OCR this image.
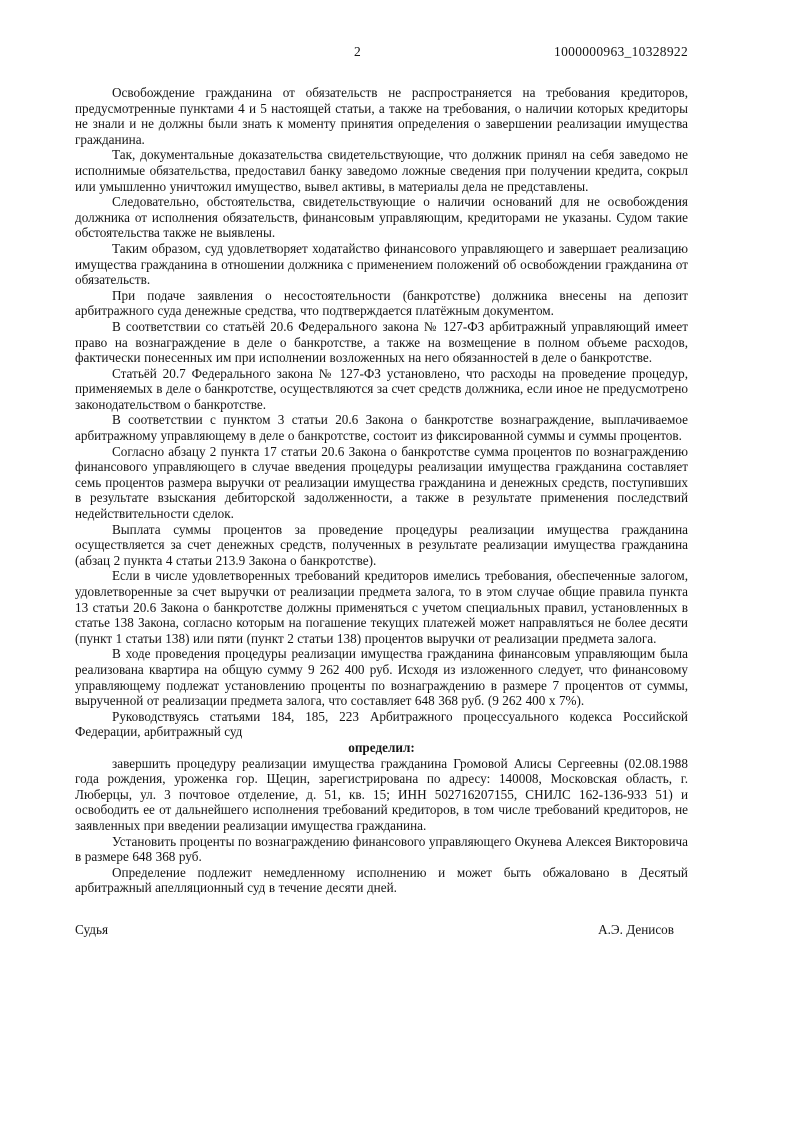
2	1000000963_10328922

Освобождение гражданина от обязательств не распространяется на требования кредиторов, предусмотренные пунктами 4 и 5 настоящей статьи, а также на требования, о наличии которых кредиторы не знали и не должны были знать к моменту принятия определения о завершении реализации имущества гражданина.

Так, документальные доказательства свидетельствующие, что должник принял на себя заведомо не исполнимые обязательства, предоставил банку заведомо ложные сведения при получении кредита, сокрыл или умышленно уничтожил имущество, вывел активы, в материалы дела не представлены.

Следовательно, обстоятельства, свидетельствующие о наличии оснований для не освобождения должника от исполнения обязательств, финансовым управляющим, кредиторами не указаны. Судом такие обстоятельства также не выявлены.

Таким образом, суд удовлетворяет ходатайство финансового управляющего и завершает реализацию имущества гражданина в отношении должника с применением положений об освобождении гражданина от обязательств.

При подаче заявления о несостоятельности (банкротстве) должника внесены на депозит арбитражного суда денежные средства, что подтверждается платёжным документом.

В соответствии со статьёй 20.6 Федерального закона № 127-ФЗ арбитражный управляющий имеет право на вознаграждение в деле о банкротстве, а также на возмещение в полном объеме расходов, фактически понесенных им при исполнении возложенных на него обязанностей в деле о банкротстве.

Статьёй 20.7 Федерального закона № 127-ФЗ установлено, что расходы на проведение процедур, применяемых в деле о банкротстве, осуществляются за счет средств должника, если иное не предусмотрено законодательством о банкротстве.

В соответствии с пунктом 3 статьи 20.6 Закона о банкротстве вознаграждение, выплачиваемое арбитражному управляющему в деле о банкротстве, состоит из фиксированной суммы и суммы процентов.

Согласно абзацу 2 пункта 17 статьи 20.6 Закона о банкротстве сумма процентов по вознаграждению финансового управляющего в случае введения процедуры реализации имущества гражданина составляет семь процентов размера выручки от реализации имущества гражданина и денежных средств, поступивших в результате взыскания дебиторской задолженности, а также в результате применения последствий недействительности сделок.

Выплата суммы процентов за проведение процедуры реализации имущества гражданина осуществляется за счет денежных средств, полученных в результате реализации имущества гражданина (абзац 2 пункта 4 статьи 213.9 Закона о банкротстве).

Если в числе удовлетворенных требований кредиторов имелись требования, обеспеченные залогом, удовлетворенные за счет выручки от реализации предмета залога, то в этом случае общие правила пункта 13 статьи 20.6 Закона о банкротстве должны применяться с учетом специальных правил, установленных в статье 138 Закона, согласно которым на погашение текущих платежей может направляться не более десяти (пункт 1 статьи 138) или пяти (пункт 2 статьи 138) процентов выручки от реализации предмета залога.

В ходе проведения процедуры реализации имущества гражданина финансовым управляющим была реализована квартира на общую сумму 9 262 400 руб. Исходя из изложенного следует, что финансовому управляющему подлежат установлению проценты по вознаграждению в размере 7 процентов от суммы, вырученной от реализации предмета залога, что составляет 648 368 руб. (9 262 400 х 7%).

Руководствуясь статьями 184, 185, 223 Арбитражного процессуального кодекса Российской Федерации, арбитражный суд

определил:

завершить процедуру реализации имущества гражданина Громовой Алисы Сергеевны (02.08.1988 года рождения, уроженка гор. Щецин, зарегистрирована по адресу: 140008, Московская область, г. Люберцы, ул. 3 почтовое отделение, д. 51, кв. 15; ИНН 502716207155, СНИЛС 162-136-933 51) и освободить ее от дальнейшего исполнения требований кредиторов, в том числе требований кредиторов, не заявленных при введении реализации имущества гражданина.

Установить проценты по вознаграждению финансового управляющего Окунева Алексея Викторовича в размере 648 368 руб.

Определение подлежит немедленному исполнению и может быть обжаловано в Десятый арбитражный апелляционный суд в течение десяти дней.

Судья	А.Э. Денисов
